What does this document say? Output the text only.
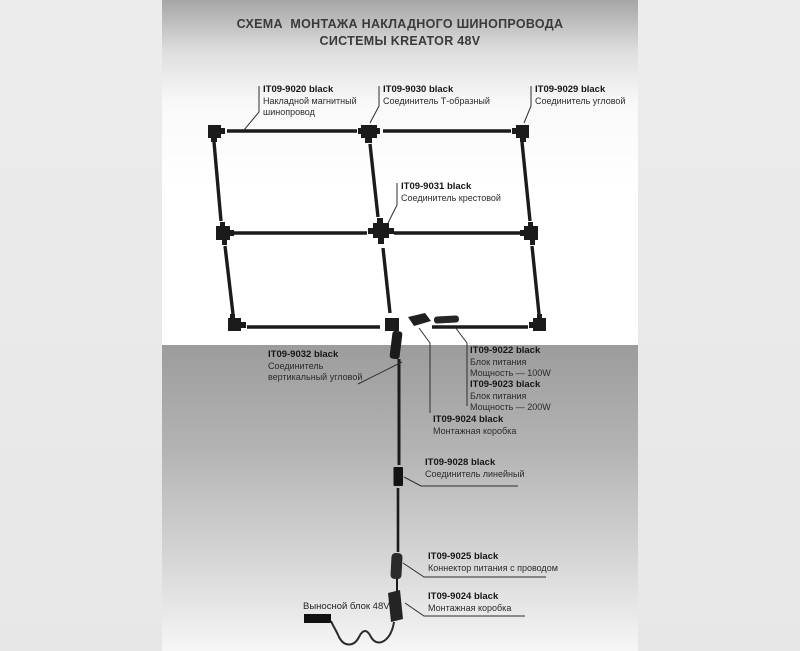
СХЕМА  МОНТАЖА НАКЛАДНОГО ШИНОПРОВОДА
СИСТЕМЫ KREATOR 48V
IT09-9020 black
Накладной магнитный
шинопровод
IT09-9030 black
Соединитель Т-образный
IT09-9029 black
Соединитель угловой
IT09-9031 black
Соединитель крестовой
IT09-9022 black
Блок питания
Мощность — 100W
IT09-9023 black
Блок питания
Мощность — 200W
IT09-9024 black
Монтажная коробка
IT09-9032 black
Соединитель
вертикальный угловой
IT09-9028 black
Соединитель линейный
IT09-9025 black
Коннектор питания с проводом
IT09-9024 black
Монтажная коробка
Выносной блок 48V
